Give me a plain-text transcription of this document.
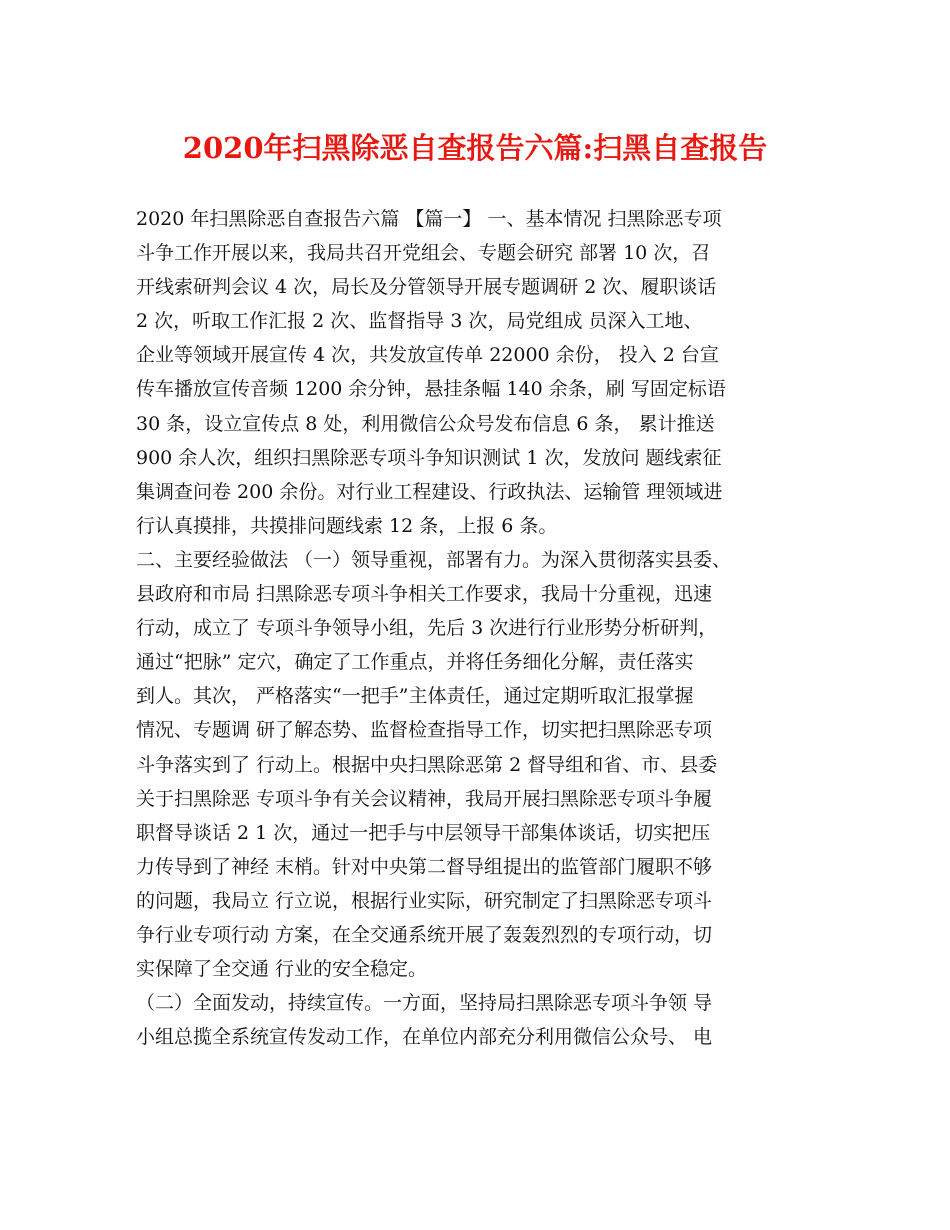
2020年扫黑除恶自查报告六篇:扫黑自查报告
2020 年扫黑除恶自查报告六篇 【篇一】 一、基本情况 扫黑除恶专项
斗争工作开展以来，我局共召开党组会、专题会研究 部署 10 次，召
开线索研判会议 4 次，局长及分管领导开展专题调研 2 次、履职谈话
2 次，听取工作汇报 2 次、监督指导 3 次，局党组成 员深入工地、
企业等领域开展宣传 4 次，共发放宣传单 22000 余份， 投入 2 台宣
传车播放宣传音频 1200 余分钟，悬挂条幅 140 余条，刷 写固定标语
30 条，设立宣传点 8 处，利用微信公众号发布信息 6 条， 累计推送
900 余人次，组织扫黑除恶专项斗争知识测试 1 次，发放问 题线索征
集调查问卷 200 余份。对行业工程建设、行政执法、运输管 理领域进
行认真摸排，共摸排问题线索 12 条，上报 6 条。
二、主要经验做法 （一）领导重视，部署有力。为深入贯彻落实县委、
县政府和市局 扫黑除恶专项斗争相关工作要求，我局十分重视，迅速
行动，成立了 专项斗争领导小组，先后 3 次进行行业形势分析研判，
通过“把脉” 定穴，确定了工作重点，并将任务细化分解，责任落实
到人。其次， 严格落实“一把手”主体责任，通过定期听取汇报掌握
情况、专题调 研了解态势、监督检查指导工作，切实把扫黑除恶专项
斗争落实到了 行动上。根据中央扫黑除恶第 2 督导组和省、市、县委
关于扫黑除恶 专项斗争有关会议精神，我局开展扫黑除恶专项斗争履
职督导谈话 2 1 次，通过一把手与中层领导干部集体谈话，切实把压
力传导到了神经 末梢。针对中央第二督导组提出的监管部门履职不够
的问题，我局立 行立说，根据行业实际，研究制定了扫黑除恶专项斗
争行业专项行动 方案，在全交通系统开展了轰轰烈烈的专项行动，切
实保障了全交通 行业的安全稳定。
（二）全面发动，持续宣传。一方面，坚持局扫黑除恶专项斗争领 导
小组总揽全系统宣传发动工作，在单位内部充分利用微信公众号、 电
